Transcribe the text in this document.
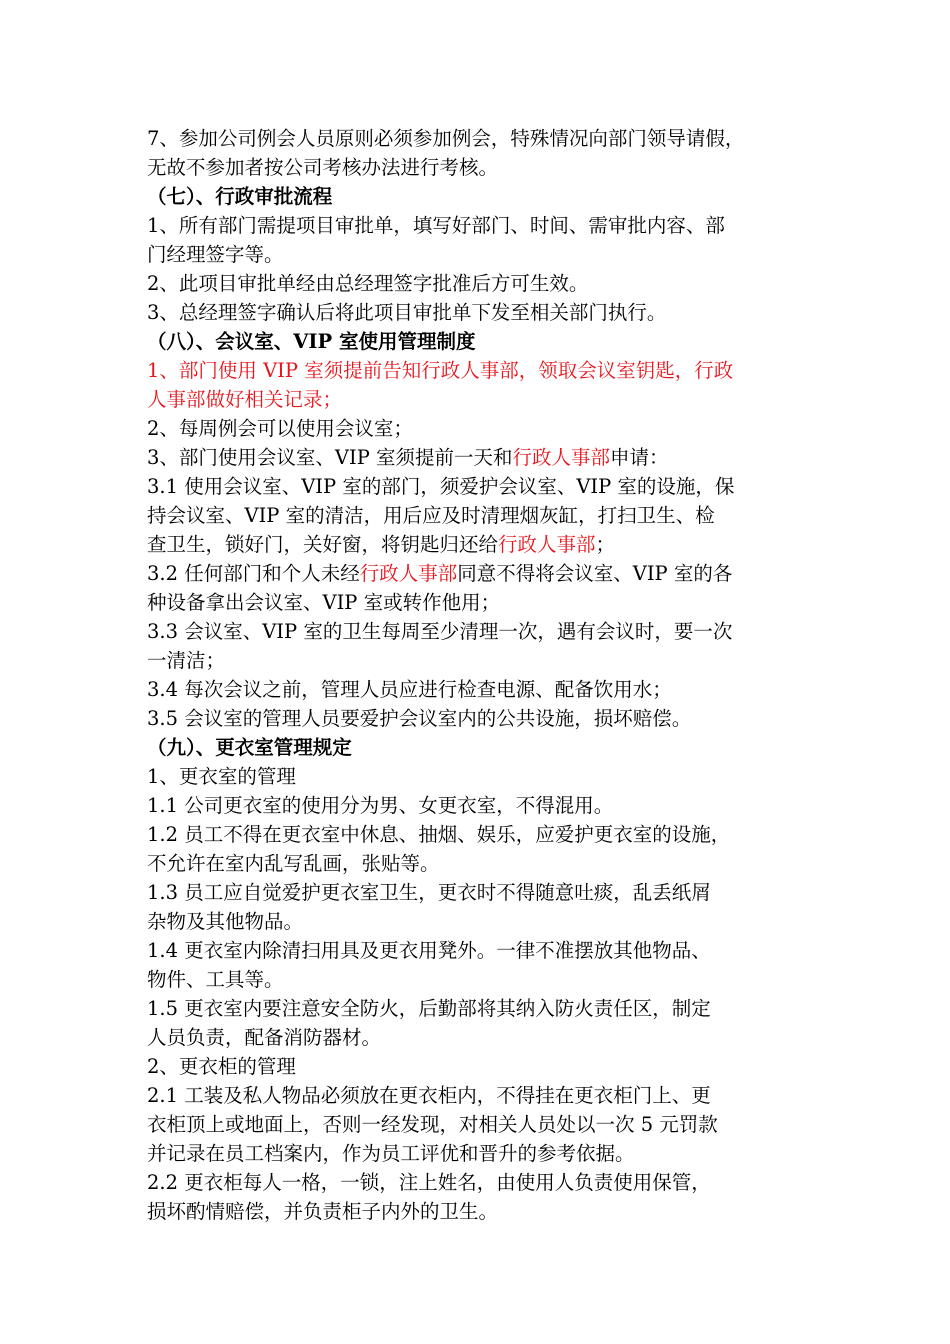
7、参加公司例会人员原则必须参加例会，特殊情况向部门领导请假，

无故不参加者按公司考核办法进行考核。

（七）、行政审批流程

1、所有部门需提项目审批单，填写好部门、时间、需审批内容、部

门经理签字等。

2、此项目审批单经由总经理签字批准后方可生效。

3、总经理签字确认后将此项目审批单下发至相关部门执行。

（八）、会议室、VIP 室使用管理制度

1、部门使用 VIP 室须提前告知行政人事部，领取会议室钥匙，行政

人事部做好相关记录；

2、每周例会可以使用会议室；

3、部门使用会议室、VIP 室须提前一天和行政人事部申请：

3.1 使用会议室、VIP 室的部门，须爱护会议室、VIP 室的设施，保

持会议室、VIP 室的清洁，用后应及时清理烟灰缸，打扫卫生、检

查卫生，锁好门，关好窗，将钥匙归还给行政人事部；

3.2 任何部门和个人未经行政人事部同意不得将会议室、VIP 室的各

种设备拿出会议室、VIP 室或转作他用；

3.3 会议室、VIP 室的卫生每周至少清理一次，遇有会议时，要一次

一清洁；

3.4 每次会议之前，管理人员应进行检查电源、配备饮用水；

3.5 会议室的管理人员要爱护会议室内的公共设施，损坏赔偿。

（九）、更衣室管理规定

1、更衣室的管理

1.1 公司更衣室的使用分为男、女更衣室，不得混用。

1.2 员工不得在更衣室中休息、抽烟、娱乐，应爱护更衣室的设施，

不允许在室内乱写乱画，张贴等。

1.3 员工应自觉爱护更衣室卫生，更衣时不得随意吐痰，乱丢纸屑

杂物及其他物品。

1.4 更衣室内除清扫用具及更衣用凳外。一律不准摆放其他物品、

物件、工具等。

1.5 更衣室内要注意安全防火，后勤部将其纳入防火责任区，制定

人员负责，配备消防器材。

2、更衣柜的管理

2.1 工装及私人物品必须放在更衣柜内，不得挂在更衣柜门上、更

衣柜顶上或地面上，否则一经发现，对相关人员处以一次 5 元罚款

并记录在员工档案内，作为员工评优和晋升的参考依据。

2.2 更衣柜每人一格，一锁，注上姓名，由使用人负责使用保管，

损坏酌情赔偿，并负责柜子内外的卫生。
